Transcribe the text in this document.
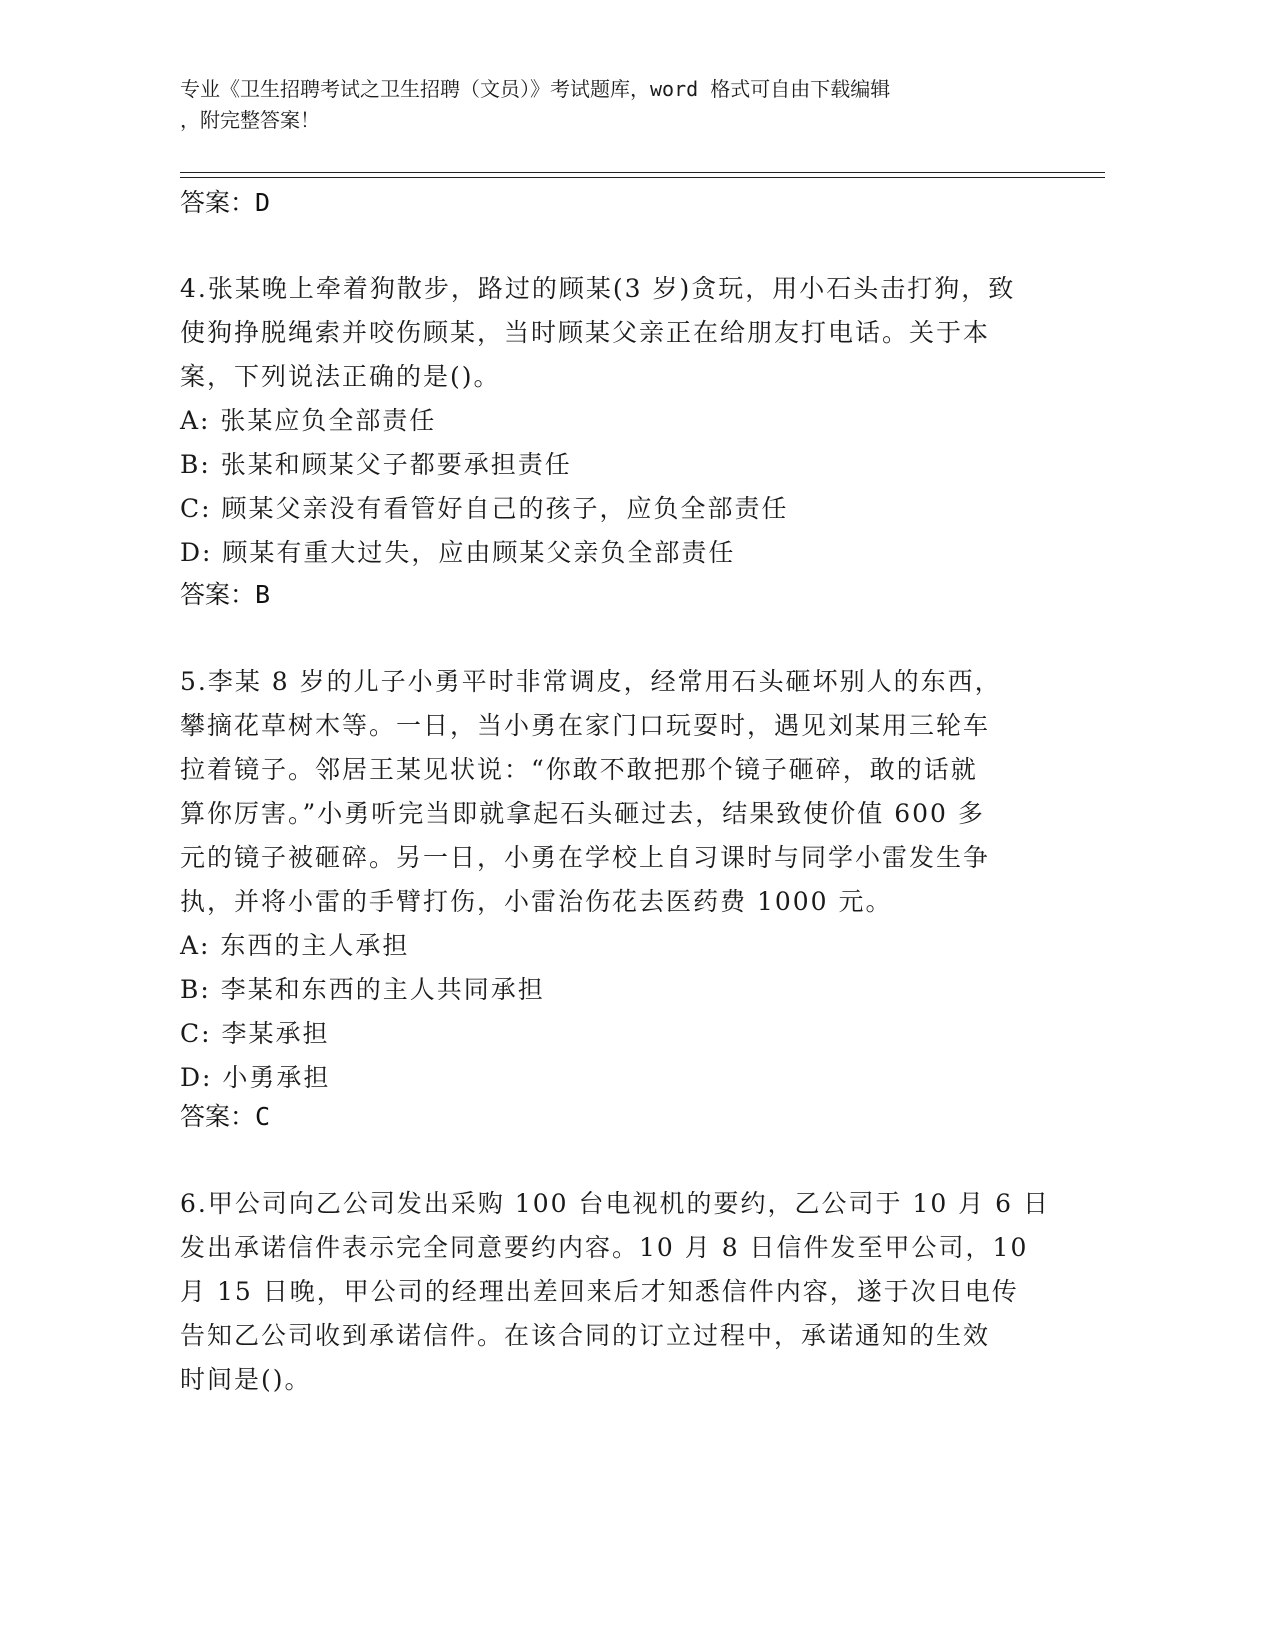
专业《卫生招聘考试之卫生招聘（文员）》考试题库，word 格式可自由下载编辑
，附完整答案！
答案：D
4.张某晚上牵着狗散步，路过的顾某(3 岁)贪玩，用小石头击打狗，致
使狗挣脱绳索并咬伤顾某，当时顾某父亲正在给朋友打电话。关于本
案，下列说法正确的是()。
A: 张某应负全部责任
B: 张某和顾某父子都要承担责任
C: 顾某父亲没有看管好自己的孩子，应负全部责任
D: 顾某有重大过失，应由顾某父亲负全部责任
答案：B
5.李某 8 岁的儿子小勇平时非常调皮，经常用石头砸坏别人的东西，
攀摘花草树木等。一日，当小勇在家门口玩耍时，遇见刘某用三轮车
拉着镜子。邻居王某见状说：“你敢不敢把那个镜子砸碎，敢的话就
算你厉害。”小勇听完当即就拿起石头砸过去，结果致使价值 600 多
元的镜子被砸碎。另一日，小勇在学校上自习课时与同学小雷发生争
执，并将小雷的手臂打伤，小雷治伤花去医药费 1000 元。
A: 东西的主人承担
B: 李某和东西的主人共同承担
C: 李某承担
D: 小勇承担
答案：C
6.甲公司向乙公司发出采购 100 台电视机的要约，乙公司于 10 月 6 日
发出承诺信件表示完全同意要约内容。10 月 8 日信件发至甲公司，10
月 15 日晚，甲公司的经理出差回来后才知悉信件内容，遂于次日电传
告知乙公司收到承诺信件。在该合同的订立过程中，承诺通知的生效
时间是()。
